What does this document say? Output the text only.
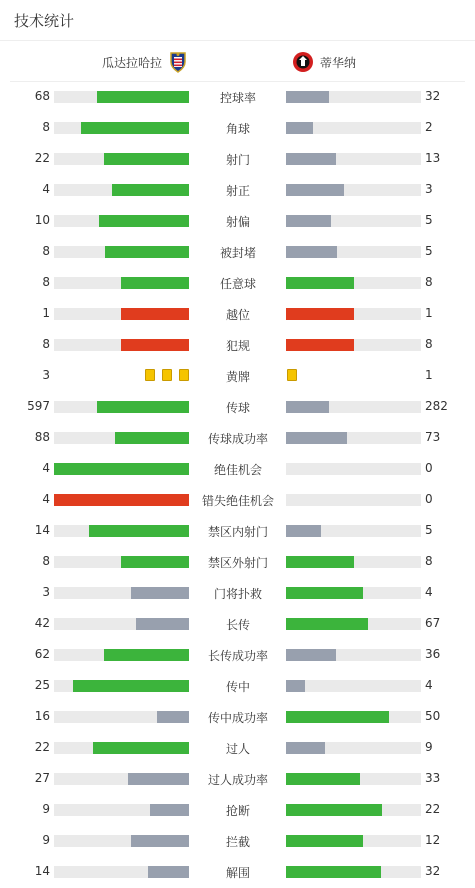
技术统计
瓜达拉哈拉	蒂华纳
68	控球率	32
8	角球	2
22	射门	13
4	射正	3
10	射偏	5
8	被封堵	5
8	任意球	8
1	越位	1
8	犯规	8
3	黄牌	1
597	传球	282
88	传球成功率	73
4	绝佳机会	0
4	错失绝佳机会	0
14	禁区内射门	5
8	禁区外射门	8
3	门将扑救	4
42	长传	67
62	长传成功率	36
25	传中	4
16	传中成功率	50
22	过人	9
27	过人成功率	33
9	抢断	22
9	拦截	12
14	解围	32
